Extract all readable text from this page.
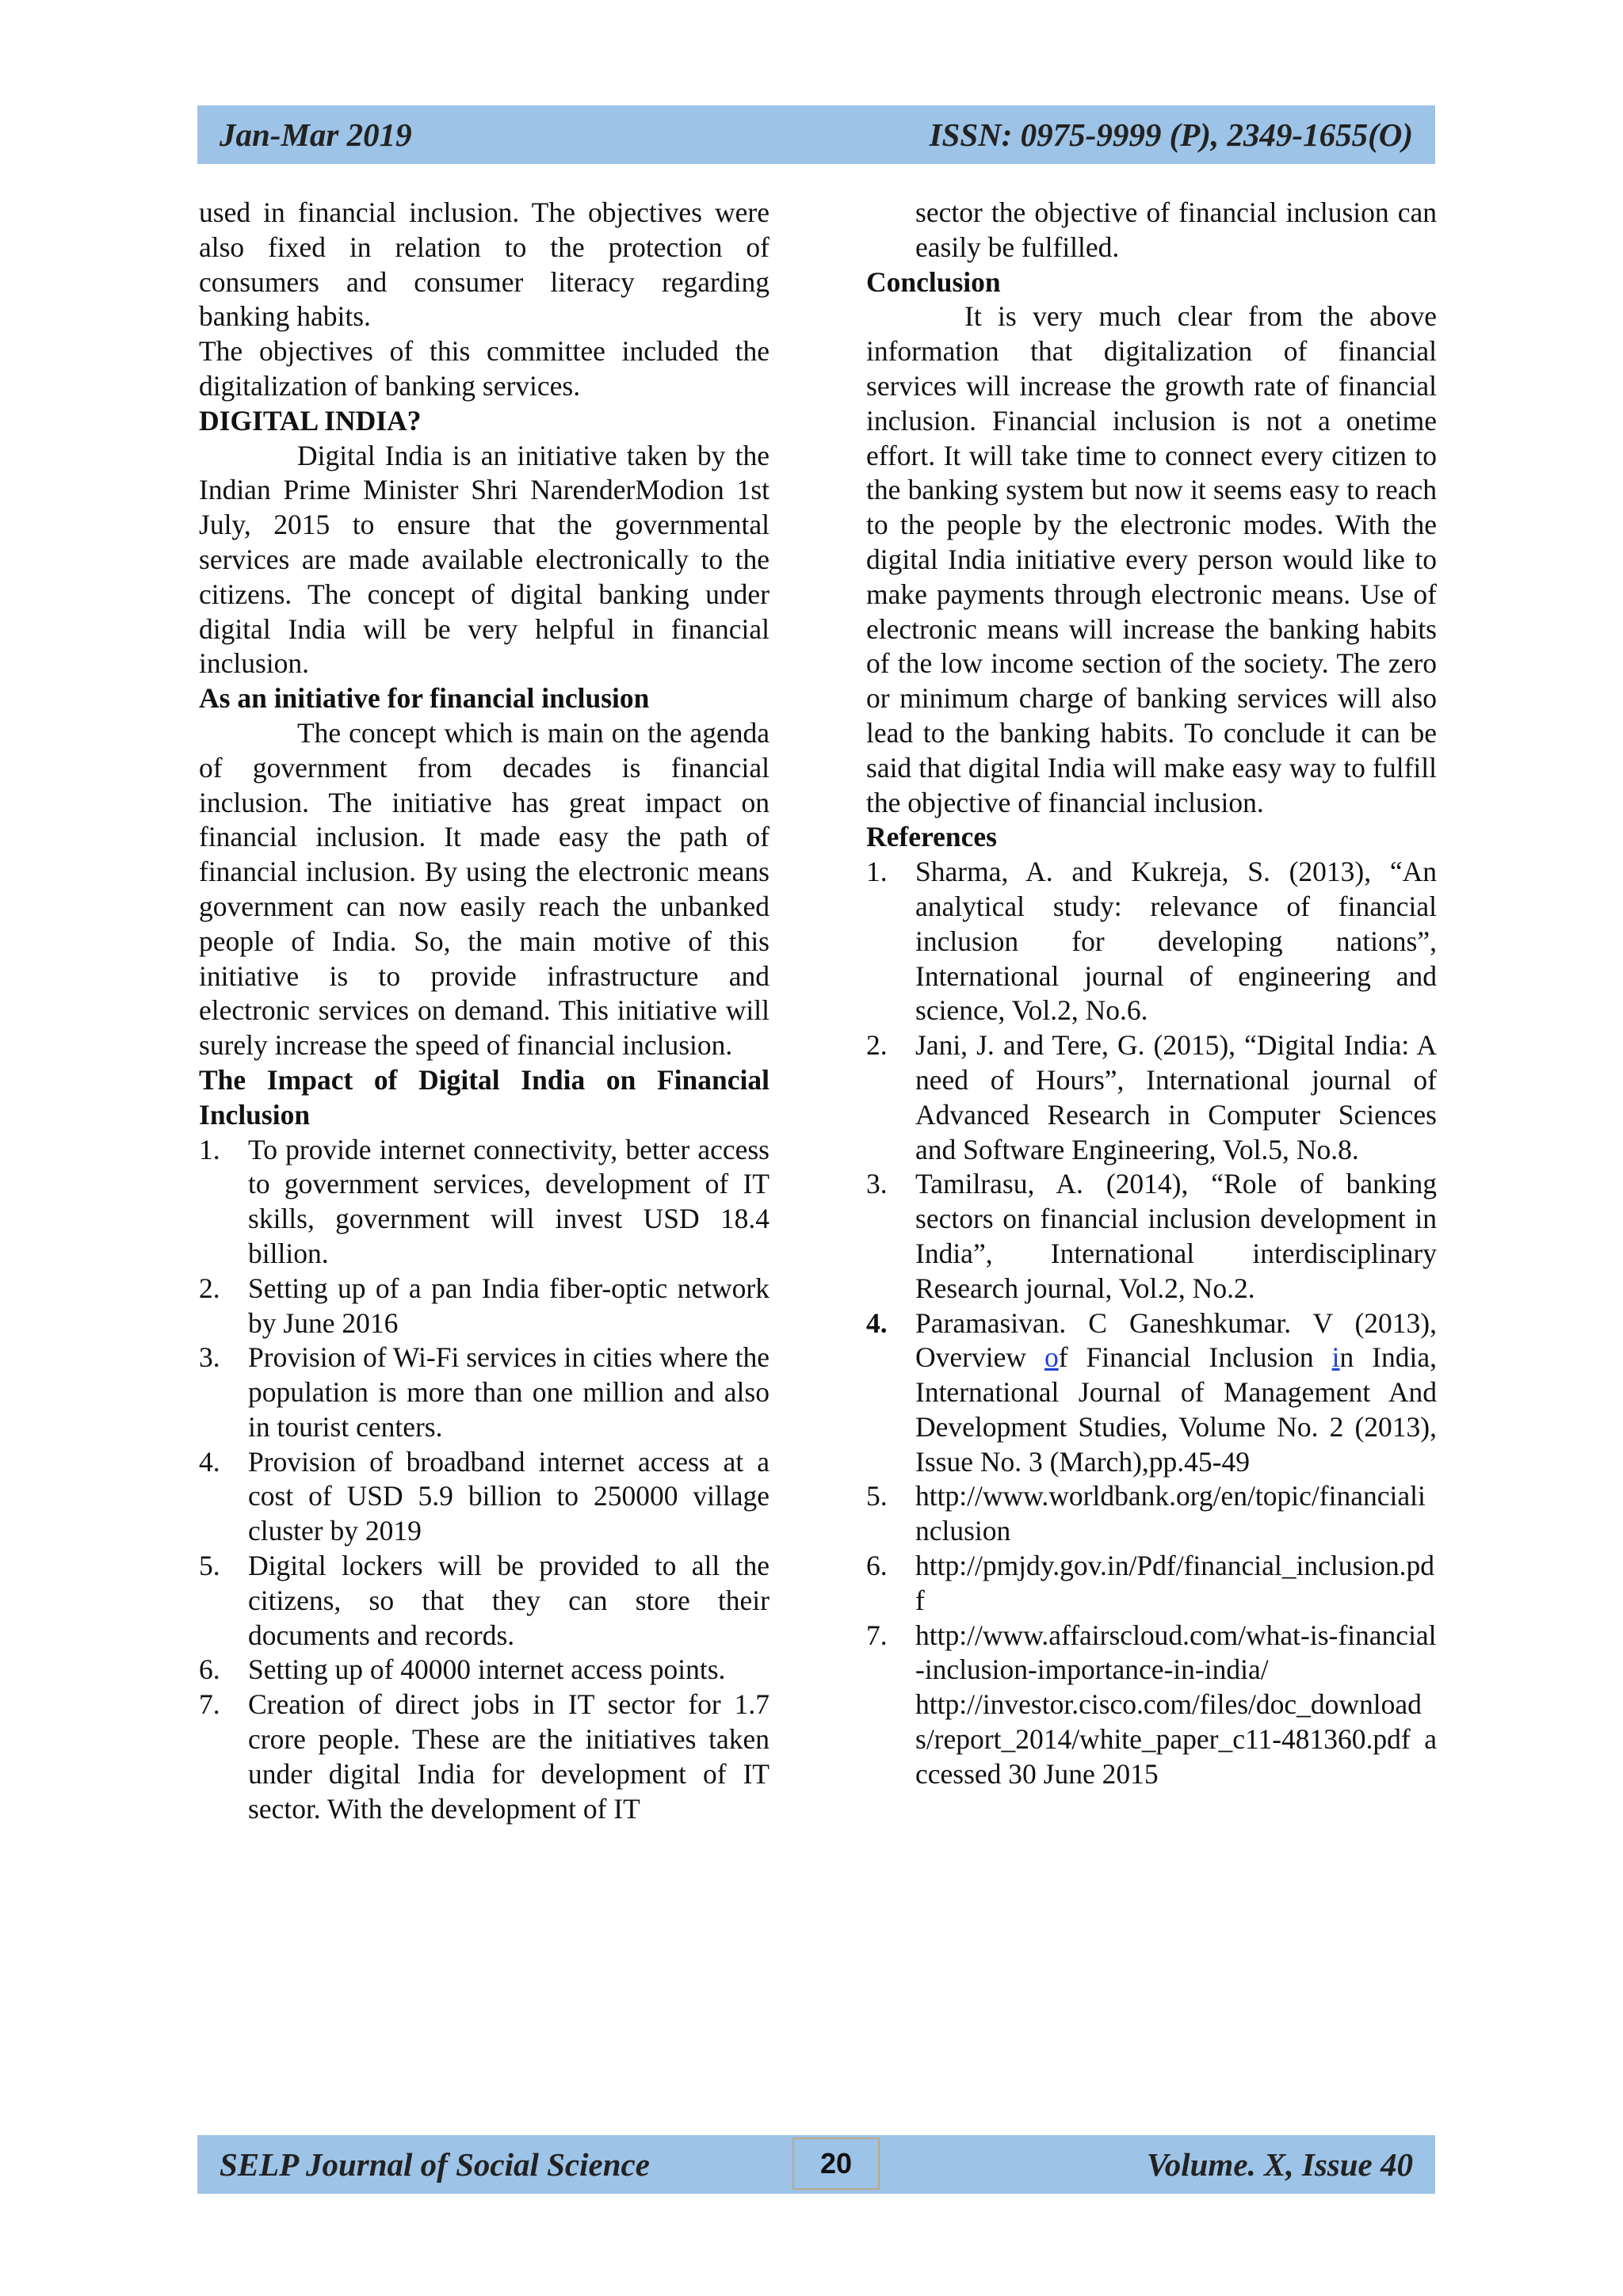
Jan-Mar 2019	ISSN: 0975-9999 (P), 2349-1655(O)

used in financial inclusion. The objectives were also fixed in relation to the protection of consumers and consumer literacy regarding banking habits.

The objectives of this committee included the digitalization of banking services.

DIGITAL INDIA?

Digital India is an initiative taken by the Indian Prime Minister Shri NarenderModion 1st July, 2015 to ensure that the governmental services are made available electronically to the citizens. The concept of digital banking under digital India will be very helpful in financial inclusion.

As an initiative for financial inclusion

The concept which is main on the agenda of government from decades is financial inclusion. The initiative has great impact on financial inclusion. It made easy the path of financial inclusion. By using the electronic means government can now easily reach the unbanked people of India. So, the main motive of this initiative is to provide infrastructure and electronic services on demand. This initiative will surely increase the speed of financial inclusion.

The Impact of Digital India on Financial Inclusion
1. To provide internet connectivity, better access to government services, development of IT skills, government will invest USD 18.4 billion.
2. Setting up of a pan India fiber-optic network by June 2016
3. Provision of Wi-Fi services in cities where the population is more than one million and also in tourist centers.
4. Provision of broadband internet access at a cost of USD 5.9 billion to 250000 village cluster by 2019
5. Digital lockers will be provided to all the citizens, so that they can store their documents and records.
6. Setting up of 40000 internet access points.
7. Creation of direct jobs in IT sector for 1.7 crore people. These are the initiatives taken under digital India for development of IT sector. With the development of IT

sector the objective of financial inclusion can easily be fulfilled.

Conclusion

It is very much clear from the above information that digitalization of financial services will increase the growth rate of financial inclusion. Financial inclusion is not a onetime effort. It will take time to connect every citizen to the banking system but now it seems easy to reach to the people by the electronic modes. With the digital India initiative every person would like to make payments through electronic means. Use of electronic means will increase the banking habits of the low income section of the society. The zero or minimum charge of banking services will also lead to the banking habits. To conclude it can be said that digital India will make easy way to fulfill the objective of financial inclusion.

References
1. Sharma, A. and Kukreja, S. (2013), “An analytical study: relevance of financial inclusion for developing nations”, International journal of engineering and science, Vol.2, No.6.
2. Jani, J. and Tere, G. (2015), “Digital India: A need of Hours”, International journal of Advanced Research in Computer Sciences and Software Engineering, Vol.5, No.8.
3. Tamilrasu, A. (2014), “Role of banking sectors on financial inclusion development in India”, International interdisciplinary Research journal, Vol.2, No.2.
4. Paramasivan. C Ganeshkumar. V (2013), Overview of Financial Inclusion in India, International Journal of Management And Development Studies, Volume No. 2 (2013), Issue No. 3 (March),pp.45-49
5. http://www.worldbank.org/en/topic/financialinclusion
6. http://pmjdy.gov.in/Pdf/financial_inclusion.pdf
7. http://www.affairscloud.com/what-is-financial-inclusion-importance-in-india/
http://investor.cisco.com/files/doc_downloads/report_2014/white_paper_c11-481360.pdf accessed 30 June 2015
SELP Journal of Social Science	Volume. X, Issue 40
20
